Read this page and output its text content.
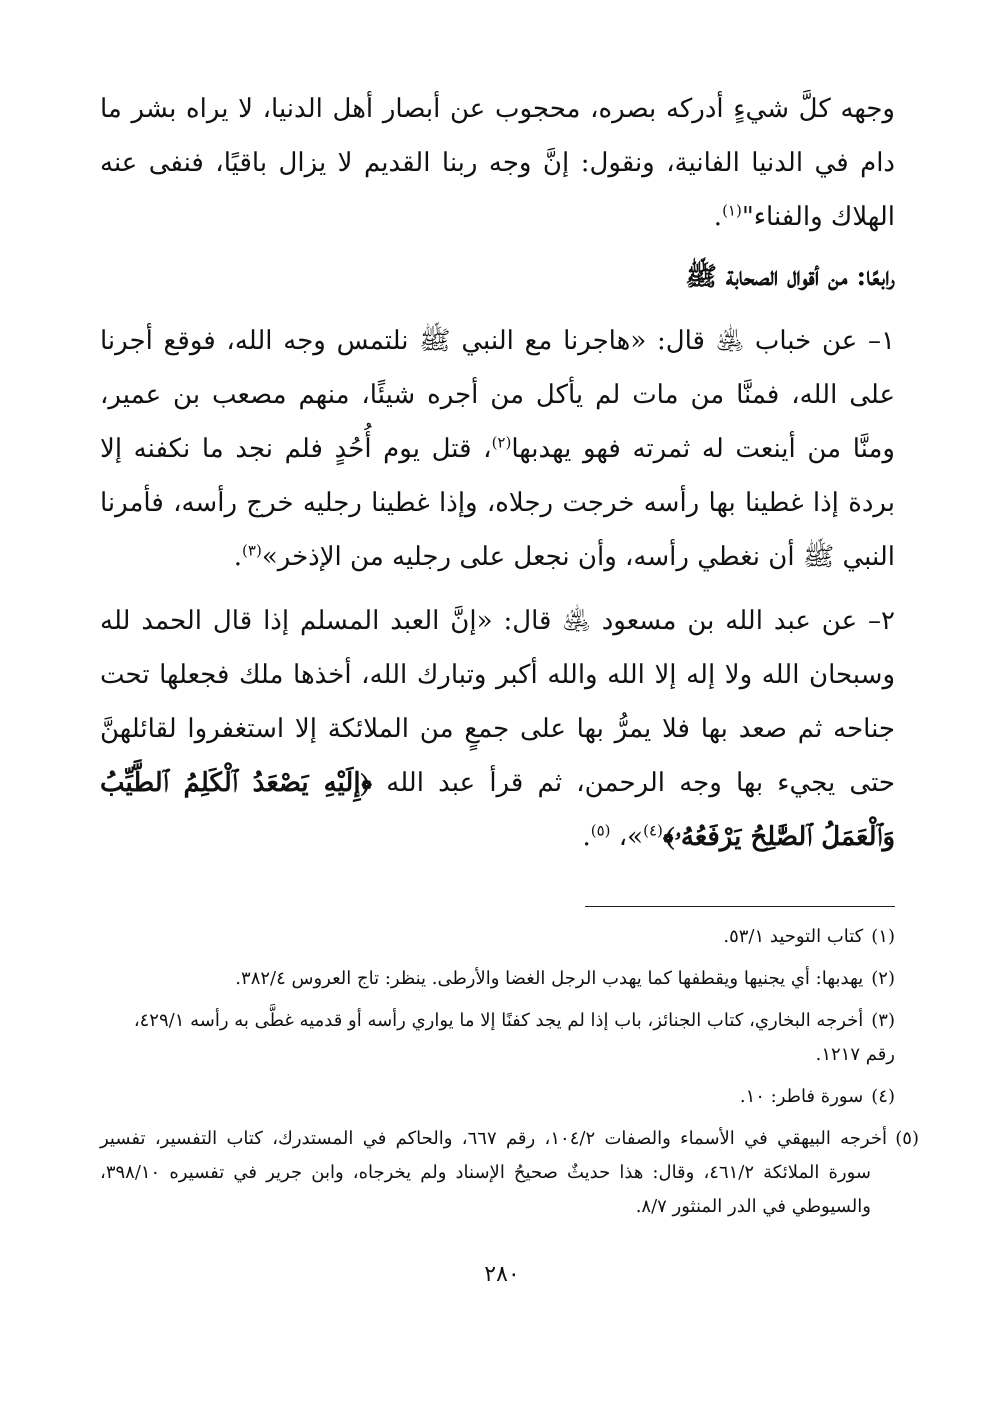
وجهه كلَّ شيءٍ أدركه بصره، محجوب عن أبصار أهل الدنيا، لا يراه بشر ما دام في الدنيا الفانية، ونقول: إنَّ وجه ربنا القديم لا يزال باقيًا، فنفى عنه الهلاك والفناء"$^{(١)}$.

رابعًا: من أقوال الصحابة ﷺ

١– عن خباب ﵁ قال: «هاجرنا مع النبي ﷺ نلتمس وجه الله، فوقع أجرنا على الله، فمنَّا من مات لم يأكل من أجره شيئًا، منهم مصعب بن عمير، ومنَّا من أينعت له ثمرته فهو يهدبها$^{(٢)}$، قتل يوم أُحُدٍ فلم نجد ما نكفنه إلا بردة إذا غطينا بها رأسه خرجت رجلاه، وإذا غطينا رجليه خرج رأسه، فأمرنا النبي ﷺ أن نغطي رأسه، وأن نجعل على رجليه من الإذخر»$^{(٣)}$.

٢– عن عبد الله بن مسعود ﵁ قال: «إنَّ العبد المسلم إذا قال الحمد لله وسبحان الله ولا إله إلا الله والله أكبر وتبارك الله، أخذها ملك فجعلها تحت جناحه ثم صعد بها فلا يمرُّ بها على جمعٍ من الملائكة إلا استغفروا لقائلهنَّ حتى يجيء بها وجه الرحمن، ثم قرأ عبد الله ﴿إِلَيْهِ يَصْعَدُ ٱلْكَلِمُ ٱلطَّيِّبُ وَٱلْعَمَلُ ٱلصَّٰلِحُ يَرْفَعُهُۥ﴾$^{(٤)}$»، $^{(٥)}$.

(١)كتاب التوحيد ٥٣/١.

(٢)يهدبها: أي يجنيها ويقطفها كما يهدب الرجل الغضا والأرطى. ينظر: تاج العروس ٣٨٢/٤.

(٣)أخرجه البخاري، كتاب الجنائز، باب إذا لم يجد كفنًا إلا ما يواري رأسه أو قدميه غطَّى به رأسه ٤٢٩/١، رقم ١٢١٧.

(٤)سورة فاطر: ١٠.

(٥)أخرجه البيهقي في الأسماء والصفات ١٠٤/٢، رقم ٦٦٧، والحاكم في المستدرك، كتاب التفسير، تفسير سورة الملائكة ٤٦١/٢، وقال: هذا حديثٌ صحيحُ الإسناد ولم يخرجاه، وابن جرير في تفسيره ٣٩٨/١٠، والسيوطي في الدر المنثور ٨/٧.

٢٨٠
